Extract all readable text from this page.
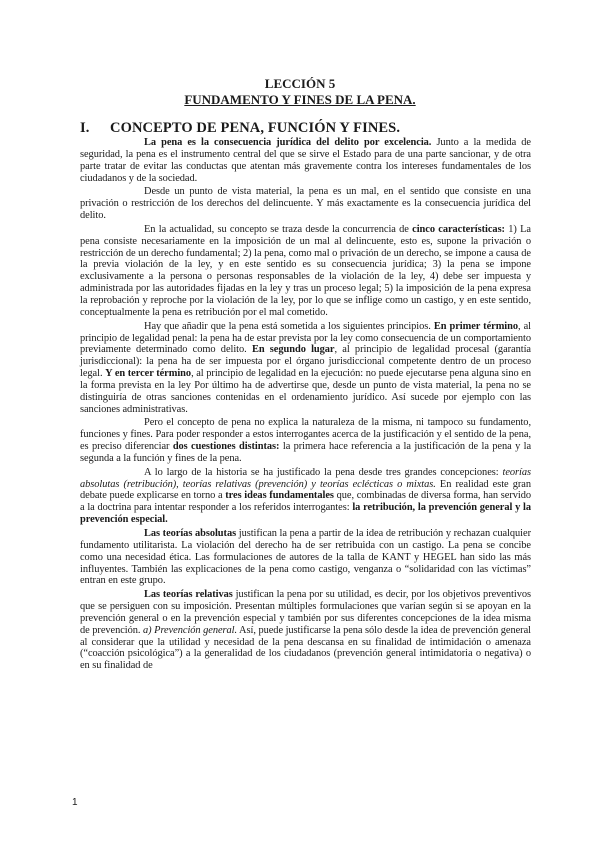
LECCIÓN 5
FUNDAMENTO Y FINES DE LA PENA.
I. CONCEPTO DE PENA, FUNCIÓN Y FINES.

La pena es la consecuencia jurídica del delito por excelencia. Junto a la medida de seguridad, la pena es el instrumento central del que se sirve el Estado para de una parte sancionar, y de otra parte tratar de evitar las conductas que atentan más gravemente contra los intereses fundamentales de los ciudadanos y de la sociedad.

Desde un punto de vista material, la pena es un mal, en el sentido que consiste en una privación o restricción de los derechos del delincuente. Y más exactamente es la consecuencia jurídica del delito.

En la actualidad, su concepto se traza desde la concurrencia de cinco características: 1) La pena consiste necesariamente en la imposición de un mal al delincuente, esto es, supone la privación o restricción de un derecho fundamental; 2) la pena, como mal o privación de un derecho, se impone a causa de la previa violación de la ley, y en este sentido es su consecuencia jurídica; 3) la pena se impone exclusivamente a la persona o personas responsables de la violación de la ley, 4) debe ser impuesta y administrada por las autoridades fijadas en la ley y tras un proceso legal; 5) la imposición de la pena expresa la reprobación y reproche por la violación de la ley, por lo que se inflige como un castigo, y en este sentido, conceptualmente la pena es retribución por el mal cometido.

Hay que añadir que la pena está sometida a los siguientes principios. En primer término, al principio de legalidad penal: la pena ha de estar prevista por la ley como consecuencia de un comportamiento previamente determinado como delito. En segundo lugar, al principio de legalidad procesal (garantía jurisdiccional): la pena ha de ser impuesta por el órgano jurisdiccional competente dentro de un proceso legal. Y en tercer término, al principio de legalidad en la ejecución: no puede ejecutarse pena alguna sino en la forma prevista en la ley Por último ha de advertirse que, desde un punto de vista material, la pena no se distinguiría de otras sanciones contenidas en el ordenamiento jurídico. Así sucede por ejemplo con las sanciones administrativas.

Pero el concepto de pena no explica la naturaleza de la misma, ni tampoco su fundamento, funciones y fines. Para poder responder a estos interrogantes acerca de la justificación y el sentido de la pena, es preciso diferenciar dos cuestiones distintas: la primera hace referencia a la justificación de la pena y la segunda a la función y fines de la pena.

A lo largo de la historia se ha justificado la pena desde tres grandes concepciones: teorías absolutas (retribución), teorías relativas (prevención) y teorías eclécticas o mixtas. En realidad este gran debate puede explicarse en torno a tres ideas fundamentales que, combinadas de diversa forma, han servido a la doctrina para intentar responder a los referidos interrogantes: la retribución, la prevención general y la prevención especial.

Las teorías absolutas justifican la pena a partir de la idea de retribución y rechazan cualquier fundamento utilitarista. La violación del derecho ha de ser retribuida con un castigo. La pena se concibe como una necesidad ética. Las formulaciones de autores de la talla de KANT y HEGEL han sido las más influyentes. También las explicaciones de la pena como castigo, venganza o “solidaridad con las víctimas” entran en este grupo.

Las teorías relativas justifican la pena por su utilidad, es decir, por los objetivos preventivos que se persiguen con su imposición. Presentan múltiples formulaciones que varían según si se apoyan en la prevención general o en la prevención especial y también por sus diferentes concepciones de la idea misma de prevención. a) Prevención general. Así, puede justificarse la pena sólo desde la idea de prevención general al considerar que la utilidad y necesidad de la pena descansa en su finalidad de intimidación o amenaza (“coacción psicológica”) a la generalidad de los ciudadanos (prevención general intimidatoria o negativa) o en su finalidad de

1
